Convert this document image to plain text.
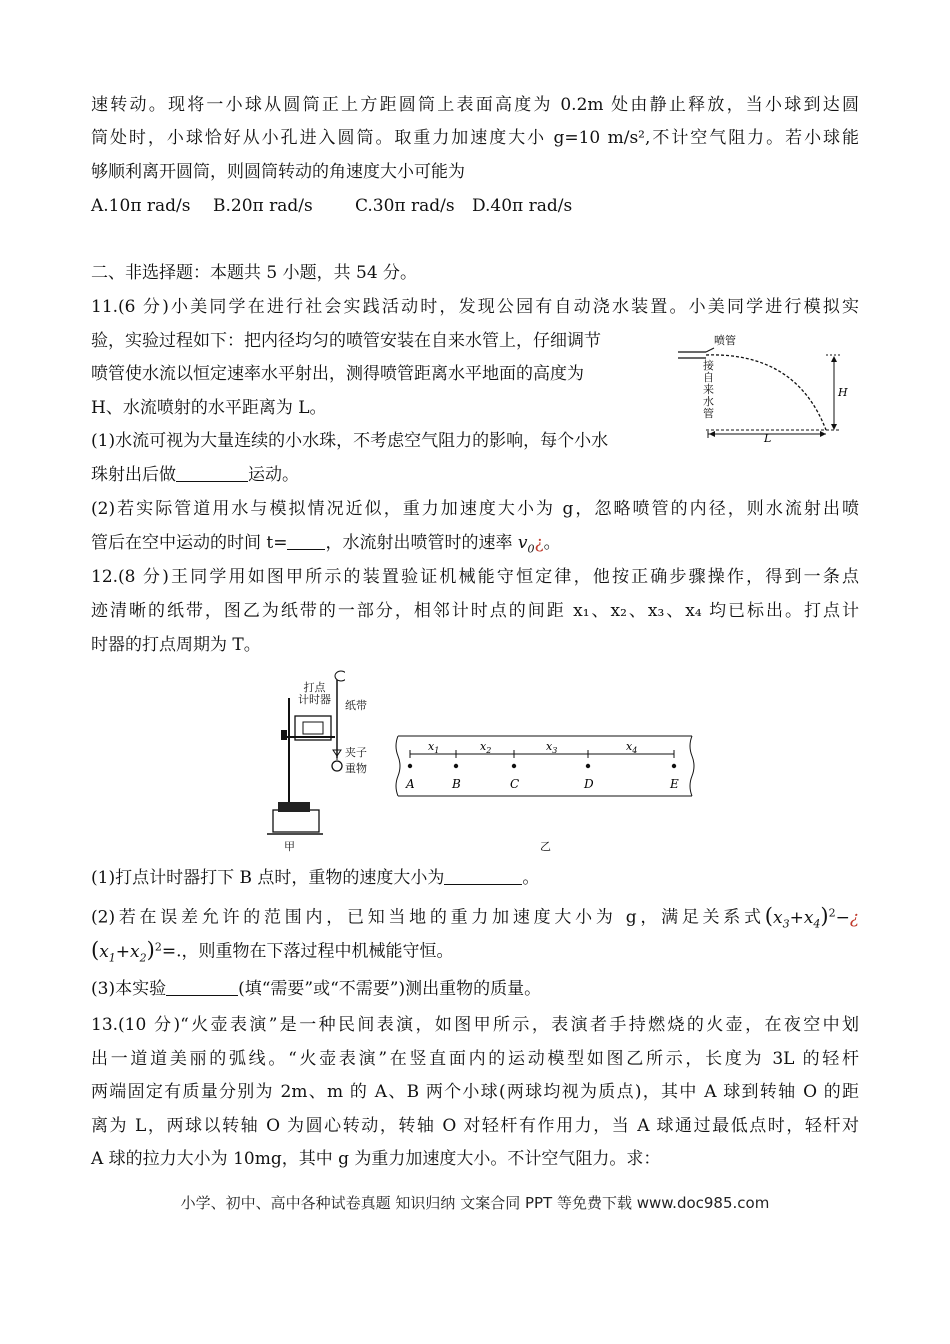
速转动。现将一小球从圆筒正上方距圆筒上表面高度为 0.2m 处由静止释放，当小球到达圆
筒处时，小球恰好从小孔进入圆筒。取重力加速度大小 g=10 m/s²,不计空气阻力。若小球能
够顺利离开圆筒，则圆筒转动的角速度大小可能为
A.10π rad/s B.20π rad/s C.30π rad/s D.40π rad/s
二、非选择题：本题共 5 小题，共 54 分。
11.(6 分)小美同学在进行社会实践活动时，发现公园有自动浇水装置。小美同学进行模拟实
验，实验过程如下：把内径均匀的喷管安装在自来水管上，仔细调节
喷管使水流以恒定速率水平射出，测得喷管距离水平地面的高度为
H、水流喷射的水平距离为 L。
(1)水流可视为大量连续的小水珠，不考虑空气阻力的影响，每个小水
珠射出后做	运动。
(2)若实际管道用水与模拟情况近似，重力加速度大小为 g，忽略喷管的内径，则水流射出喷
管后在空中运动的时间 t= ，水流射出喷管时的速率 $v_0¿$。
喷管
H
L
接自来水管
12.(8 分)王同学用如图甲所示的装置验证机械能守恒定律，他按正确步骤操作，得到一条点
迹清晰的纸带，图乙为纸带的一部分，相邻计时点的间距 x₁、x₂、x₃、x₄ 均已标出。打点计
时器的打点周期为 T。
打点
计时器 纸带
夹子
重物
甲
A	B	C	D	E
$x_1$	$x_2$	$x_3$	$x_4$
乙
(1)打点计时器打下 B 点时，重物的速度大小为	。
(2)若在误差允许的范围内，已知当地的重力加速度大小为 g，满足关系式$(x_3+x_4)^2-¿$
$(x_1+x_2)^2=$.，则重物在下落过程中机械能守恒。
(3)本实验	(填“需要”或“不需要”)测出重物的质量。
13.(10 分)“火壶表演”是一种民间表演，如图甲所示，表演者手持燃烧的火壶，在夜空中划
出一道道美丽的弧线。“火壶表演”在竖直面内的运动模型如图乙所示，长度为 3L 的轻杆
两端固定有质量分别为 2m、m 的 A、B 两个小球(两球均视为质点)，其中 A 球到转轴 O 的距
离为 L，两球以转轴 O 为圆心转动，转轴 O 对轻杆有作用力，当 A 球通过最低点时，轻杆对
A 球的拉力大小为 10mg，其中 g 为重力加速度大小。不计空气阻力。求：
小学、初中、高中各种试卷真题 知识归纳 文案合同 PPT 等免费下载 www.doc985.com
